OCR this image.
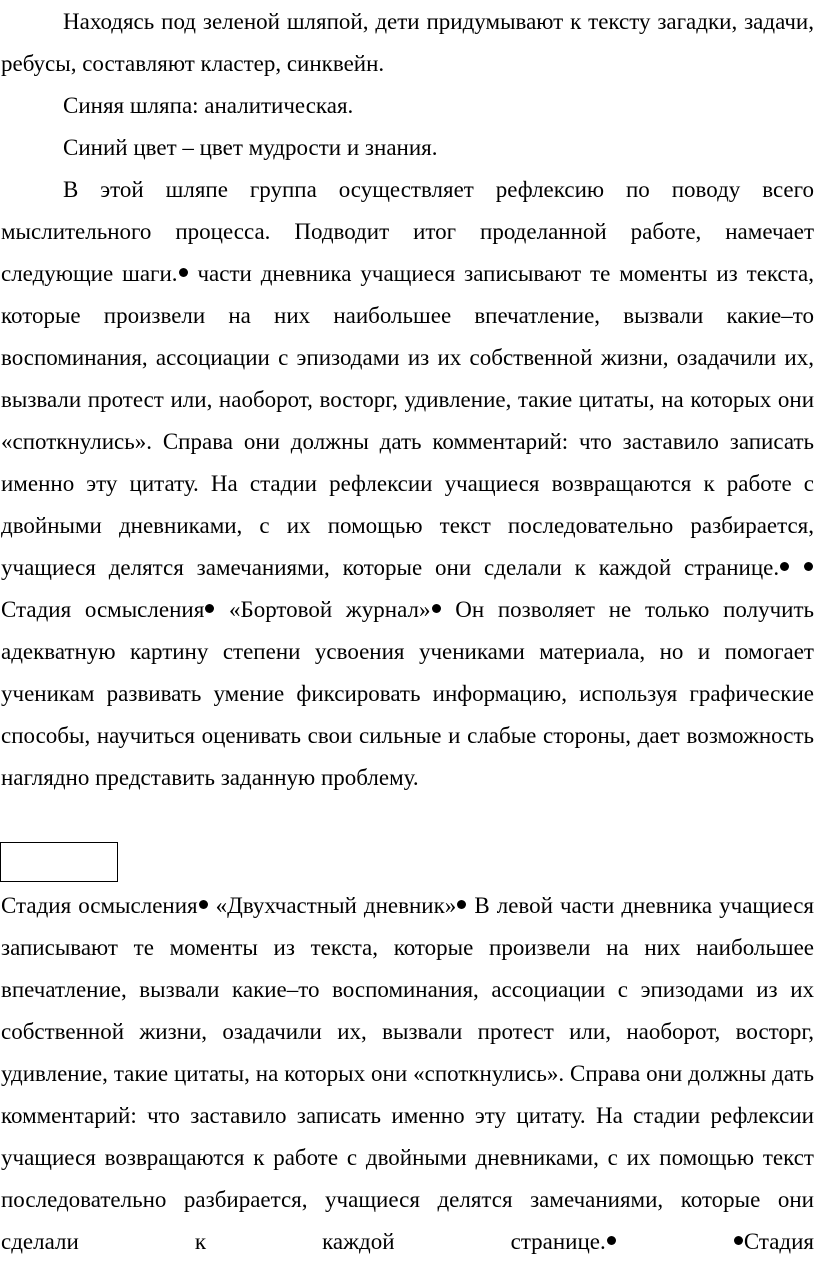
Находясь под зеленой шляпой, дети придумывают к тексту загадки, задачи, ребусы, составляют кластер, синквейн.

Синяя шляпа: аналитическая.

Синий цвет – цвет мудрости и знания.

В этой шляпе группа осуществляет рефлексию по поводу всего мыслительного процесса. Подводит итог проделанной работе, намечает следующие шаги. части дневника учащиеся записывают те моменты из текста, которые произвели на них наибольшее впечатление, вызвали какие–то воспоминания, ассоциации с эпизодами из их собственной жизни, озадачили их, вызвали протест или, наоборот, восторг, удивление, такие цитаты, на которых они «споткнулись». Справа они должны дать комментарий: что заставило записать именно эту цитату. На стадии рефлексии учащиеся возвращаются к работе с двойными дневниками, с их помощью текст последовательно разбирается, учащиеся делятся замечаниями, которые они сделали к каждой странице. Стадия осмысления «Бортовой журнал» Он позволяет не только получить адекватную картину степени усвоения учениками материала, но и помогает ученикам развивать умение фиксировать информацию, используя графические способы, научиться оценивать свои сильные и слабые стороны, дает возможность наглядно представить заданную проблему.

Стадия осмысления «Двухчастный дневник» В левой части дневника учащиеся записывают те моменты из текста, которые произвели на них наибольшее впечатление, вызвали какие–то воспоминания, ассоциации с эпизодами из их собственной жизни, озадачили их, вызвали протест или, наоборот, восторг, удивление, такие цитаты, на которых они «споткнулись». Справа они должны дать комментарий: что заставило записать именно эту цитату. На стадии рефлексии учащиеся возвращаются к работе с двойными дневниками, с их помощью текст последовательно разбирается, учащиеся делятся замечаниями, которые они сделали к каждой странице.	Стадия
